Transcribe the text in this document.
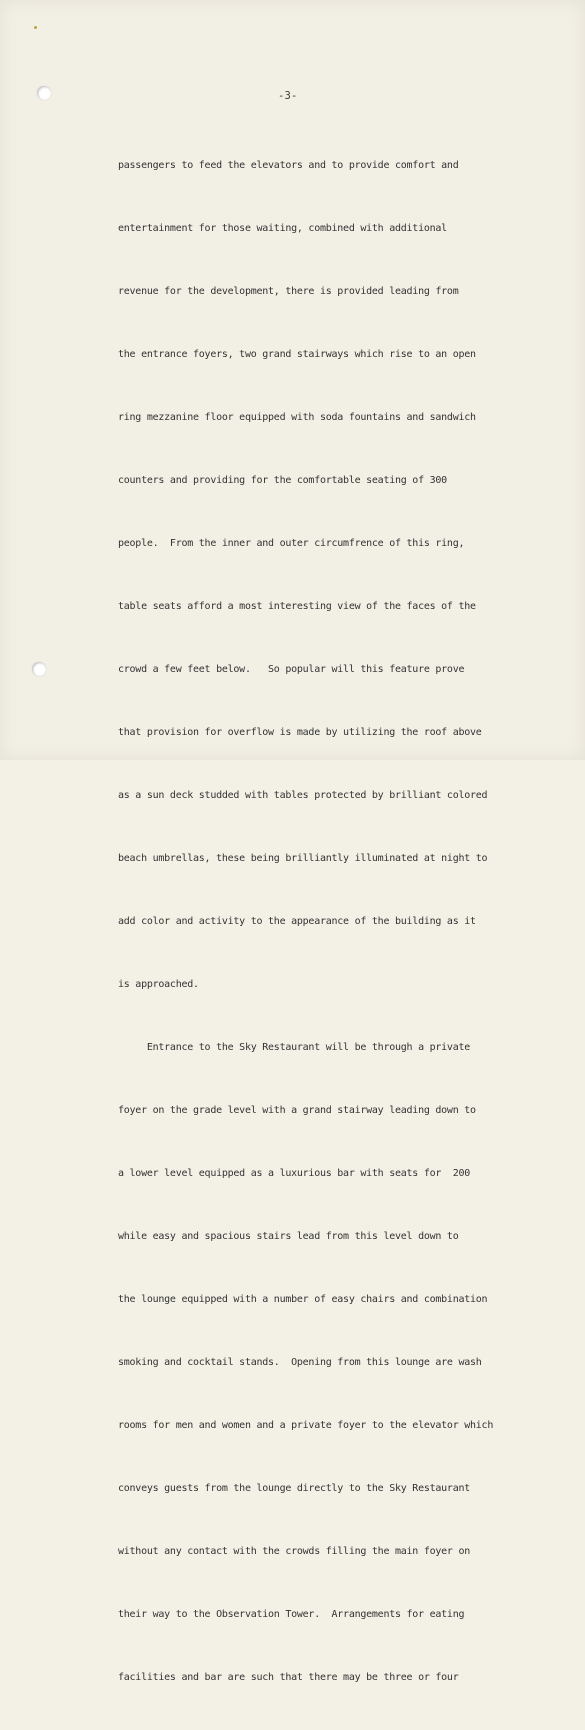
-3-

passengers to feed the elevators and to provide comfort and

entertainment for those waiting, combined with additional

revenue for the development, there is provided leading from

the entrance foyers, two grand stairways which rise to an open

ring mezzanine floor equipped with soda fountains and sandwich

counters and providing for the comfortable seating of 300

people.  From the inner and outer circumfrence of this ring,

table seats afford a most interesting view of the faces of the

crowd a few feet below.   So popular will this feature prove

that provision for overflow is made by utilizing the roof above

as a sun deck studded with tables protected by brilliant colored

beach umbrellas, these being brilliantly illuminated at night to

add color and activity to the appearance of the building as it

is approached.

Entrance to the Sky Restaurant will be through a private

foyer on the grade level with a grand stairway leading down to

a lower level equipped as a luxurious bar with seats for  200

while easy and spacious stairs lead from this level down to

the lounge equipped with a number of easy chairs and combination

smoking and cocktail stands.  Opening from this lounge are wash

rooms for men and women and a private foyer to the elevator which

conveys guests from the lounge directly to the Sky Restaurant

without any contact with the crowds filling the main foyer on

their way to the Observation Tower.  Arrangements for eating

facilities and bar are such that there may be three or four
